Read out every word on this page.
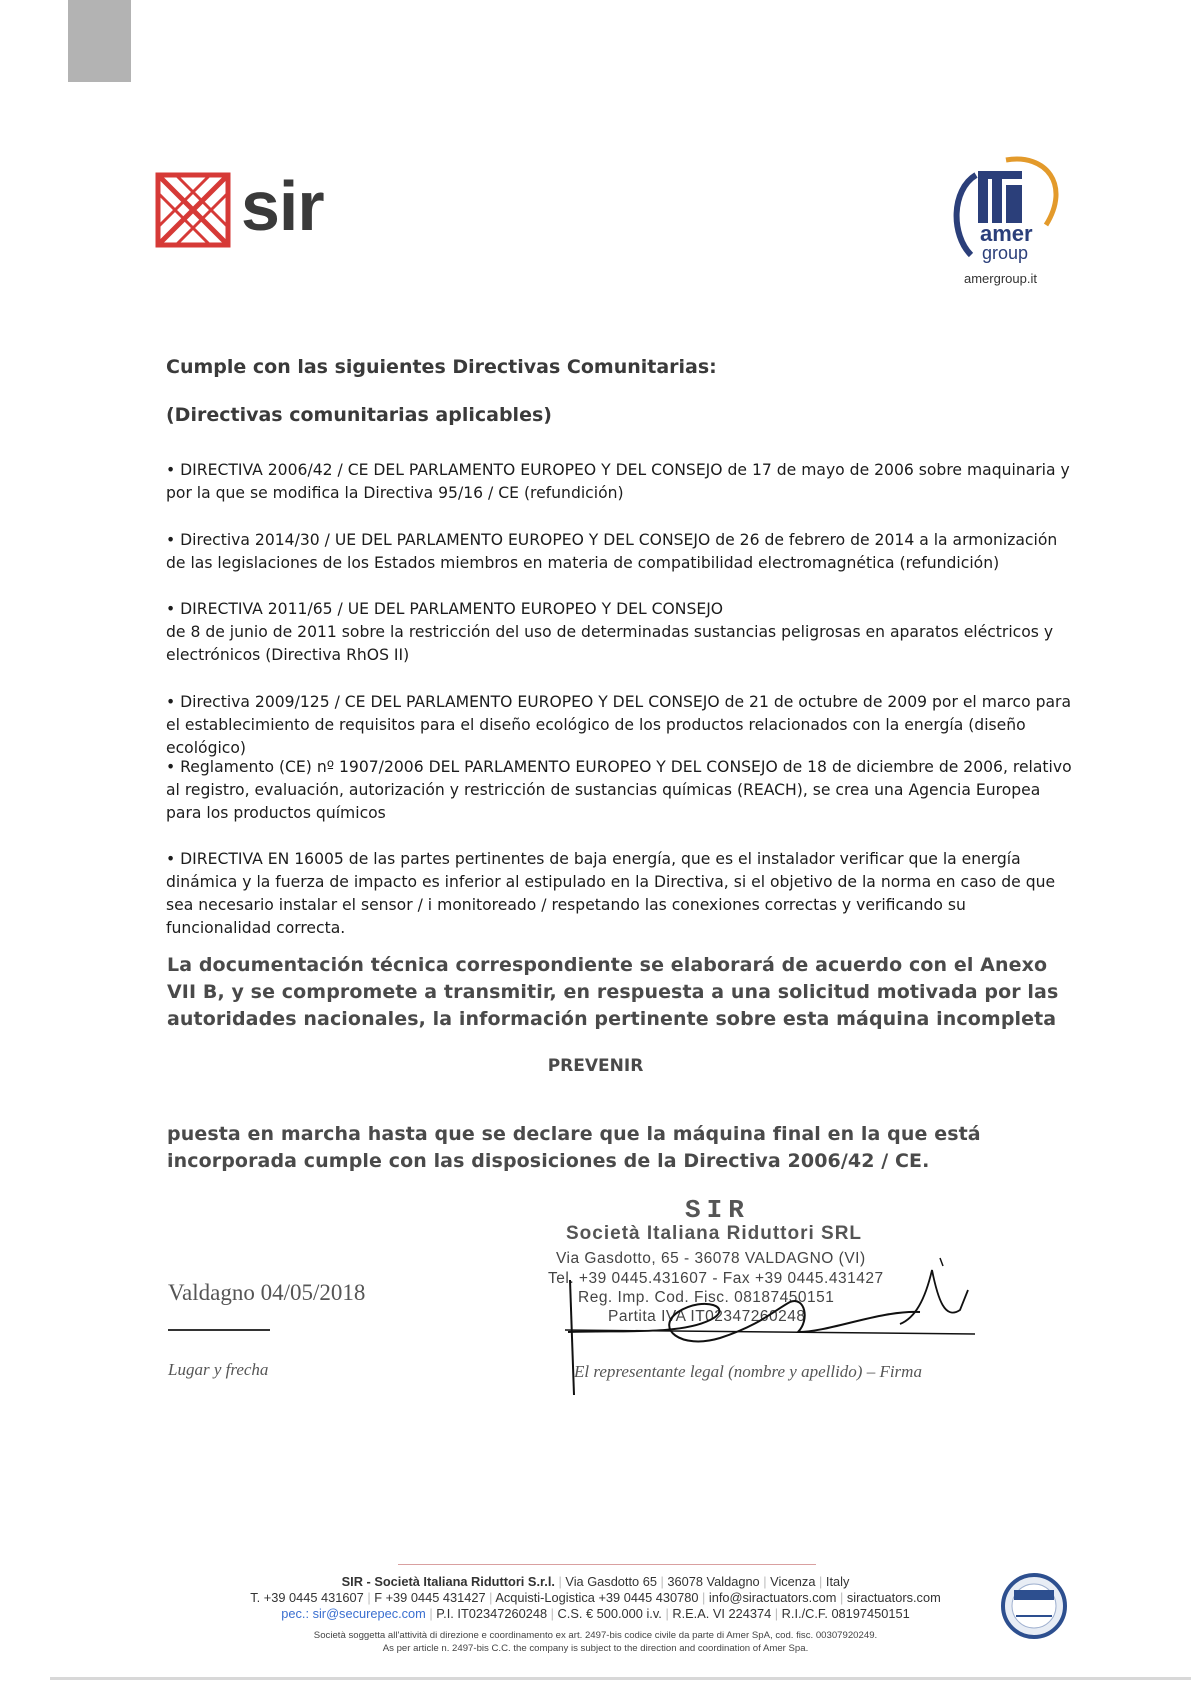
sir	amer
group
amergroup.it
Cumple con las siguientes Directivas Comunitarias:
(Directivas comunitarias aplicables)
• DIRECTIVA 2006/42 / CE DEL PARLAMENTO EUROPEO Y DEL CONSEJO de 17 de mayo de 2006 sobre maquinaria y por la que se modifica la Directiva 95/16 / CE (refundición)
• Directiva 2014/30 / UE DEL PARLAMENTO EUROPEO Y DEL CONSEJO de 26 de febrero de 2014 a la armonización de las legislaciones de los Estados miembros en materia de compatibilidad electromagnética (refundición)
• DIRECTIVA 2011/65 / UE DEL PARLAMENTO EUROPEO Y DEL CONSEJO
de 8 de junio de 2011 sobre la restricción del uso de determinadas sustancias peligrosas en aparatos eléctricos y electrónicos (Directiva RhOS II)
• Directiva 2009/125 / CE DEL PARLAMENTO EUROPEO Y DEL CONSEJO de 21 de octubre de 2009 por el marco para el establecimiento de requisitos para el diseño ecológico de los productos relacionados con la energía (diseño ecológico)
• Reglamento (CE) nº 1907/2006 DEL PARLAMENTO EUROPEO Y DEL CONSEJO de 18 de diciembre de 2006, relativo al registro, evaluación, autorización y restricción de sustancias químicas (REACH), se crea una Agencia Europea para los productos químicos
• DIRECTIVA EN 16005 de las partes pertinentes de baja energía, que es el instalador verificar que la energía dinámica y la fuerza de impacto es inferior al estipulado en la Directiva, si el objetivo de la norma en caso de que sea necesario instalar el sensor / i monitoreado / respetando las conexiones correctas y verificando su funcionalidad correcta.
La documentación técnica correspondiente se elaborará de acuerdo con el Anexo VII B, y se compromete a transmitir, en respuesta a una solicitud motivada por las autoridades nacionales, la información pertinente sobre esta máquina incompleta
PREVENIR
puesta en marcha hasta que se declare que la máquina final en la que está incorporada cumple con las disposiciones de la Directiva 2006/42 / CE.
SIR
Società Italiana Riduttori SRL
Via Gasdotto, 65 - 36078 VALDAGNO (VI)
Tel. +39 0445.431607 - Fax +39 0445.431427
Reg. Imp. Cod. Fisc. 08187450151
Partita IVA IT02347260248
Valdagno 04/05/2018
Lugar y frecha	El representante legal (nombre y apellido) – Firma
SIR - Società Italiana Riduttori S.r.l. | Via Gasdotto 65 | 36078 Valdagno | Vicenza | Italy
T. +39 0445 431607 | F +39 0445 431427 | Acquisti-Logistica +39 0445 430780 | info@siractuators.com | siractuators.com
pec.: sir@securepec.com | P.I. IT02347260248 | C.S. € 500.000 i.v. | R.E.A. VI 224374 | R.I./C.F. 08197450151
Società soggetta all'attività di direzione e coordinamento ex art. 2497-bis codice civile da parte di Amer SpA, cod. fisc. 00307920249.
As per article n. 2497-bis C.C. the company is subject to the direction and coordination of Amer Spa.
